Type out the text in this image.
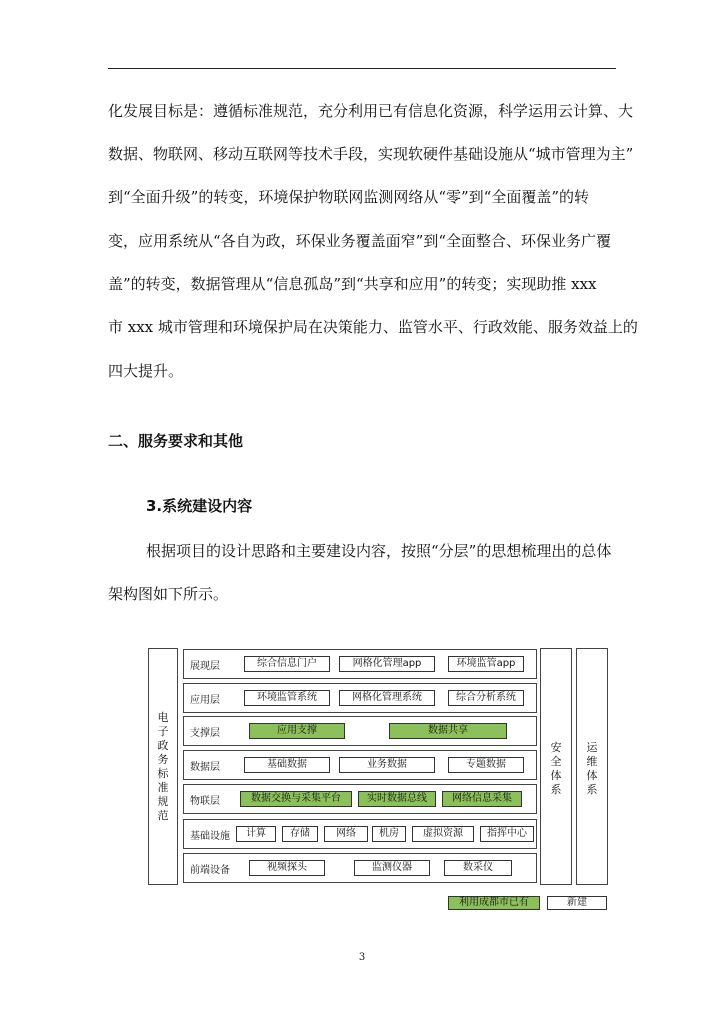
化发展目标是：遵循标准规范，充分利用已有信息化资源，科学运用云计算、大
数据、物联网、移动互联网等技术手段，实现软硬件基础设施从“城市管理为主”
到“全面升级”的转变，环境保护物联网监测网络从“零”到“全面覆盖”的转
变，应用系统从“各自为政，环保业务覆盖面窄”到“全面整合、环保业务广覆
盖”的转变，数据管理从“信息孤岛”到“共享和应用”的转变；实现助推 xxx
市 xxx 城市管理和环境保护局在决策能力、监管水平、行政效能、服务效益上的
四大提升。
二、服务要求和其他
3.系统建设内容
根据项目的设计思路和主要建设内容，按照“分层”的思想梳理出的总体
架构图如下所示。
电
子
政
务
标
准
规
范
安
全
体
系
运
维
体
系
展现层	综合信息门户	网格化管理app	环境监管app
应用层	环境监管系统	网格化管理系统	综合分析系统
支撑层	应用支撑	数据共享
数据层	基础数据	业务数据	专题数据
物联层	数据交换与采集平台	实时数据总线	网络信息采集
基础设施	计算	存储	网络	机房	虚拟资源	指挥中心
前端设备	视频探头	监测仪器	数采仪
利用成都市已有	新建
3
